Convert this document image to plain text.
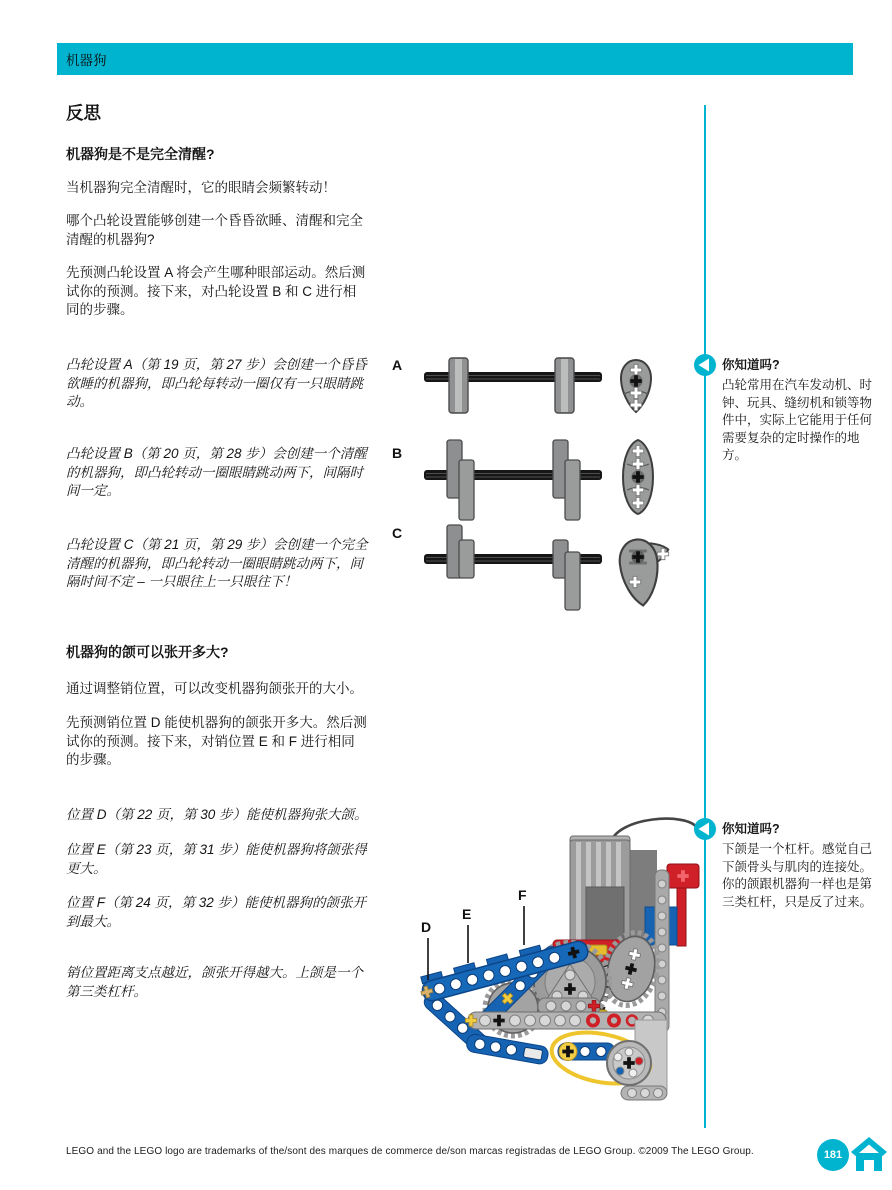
机器狗
反思
机器狗是不是完全清醒?
当机器狗完全清醒时，它的眼睛会频繁转动！
哪个凸轮设置能够创建一个昏昏欲睡、清醒和完全清醒的机器狗?
先预测凸轮设置 A 将会产生哪种眼部运动。然后测试你的预测。接下来，对凸轮设置 B 和 C 进行相同的步骤。
凸轮设置 A（第 19 页，第 27 步）会创建一个昏昏欲睡的机器狗，即凸轮每转动一圈仅有一只眼睛跳动。
凸轮设置 B（第 20 页，第 28 步）会创建一个清醒的机器狗，即凸轮转动一圈眼睛跳动两下，间隔时间一定。
凸轮设置 C（第 21 页，第 29 步）会创建一个完全清醒的机器狗，即凸轮转动一圈眼睛跳动两下，间隔时间不定 – 一只眼往上一只眼往下！
A
B
C
机器狗的颌可以张开多大?
通过调整销位置，可以改变机器狗颌张开的大小。
先预测销位置 D 能使机器狗的颌张开多大。然后测试你的预测。接下来，对销位置 E 和 F 进行相同的步骤。
位置 D（第 22 页，第 30 步）能使机器狗张大颌。
位置 E（第 23 页，第 31 步）能使机器狗将颌张得更大。
位置 F（第 24 页，第 32 步）能使机器狗的颌张开到最大。
销位置距离支点越近，颌张开得越大。上颌是一个第三类杠杆。
D
E
F
你知道吗?
凸轮常用在汽车发动机、时钟、玩具、缝纫机和锁等物件中，实际上它能用于任何需要复杂的定时操作的地方。
你知道吗?
下颌是一个杠杆。感觉自己下颌骨头与肌肉的连接处。你的颌跟机器狗一样也是第三类杠杆，只是反了过来。
LEGO and the LEGO logo are trademarks of the/sont des marques de commerce de/son marcas registradas de LEGO Group. ©2009 The LEGO Group.	181
